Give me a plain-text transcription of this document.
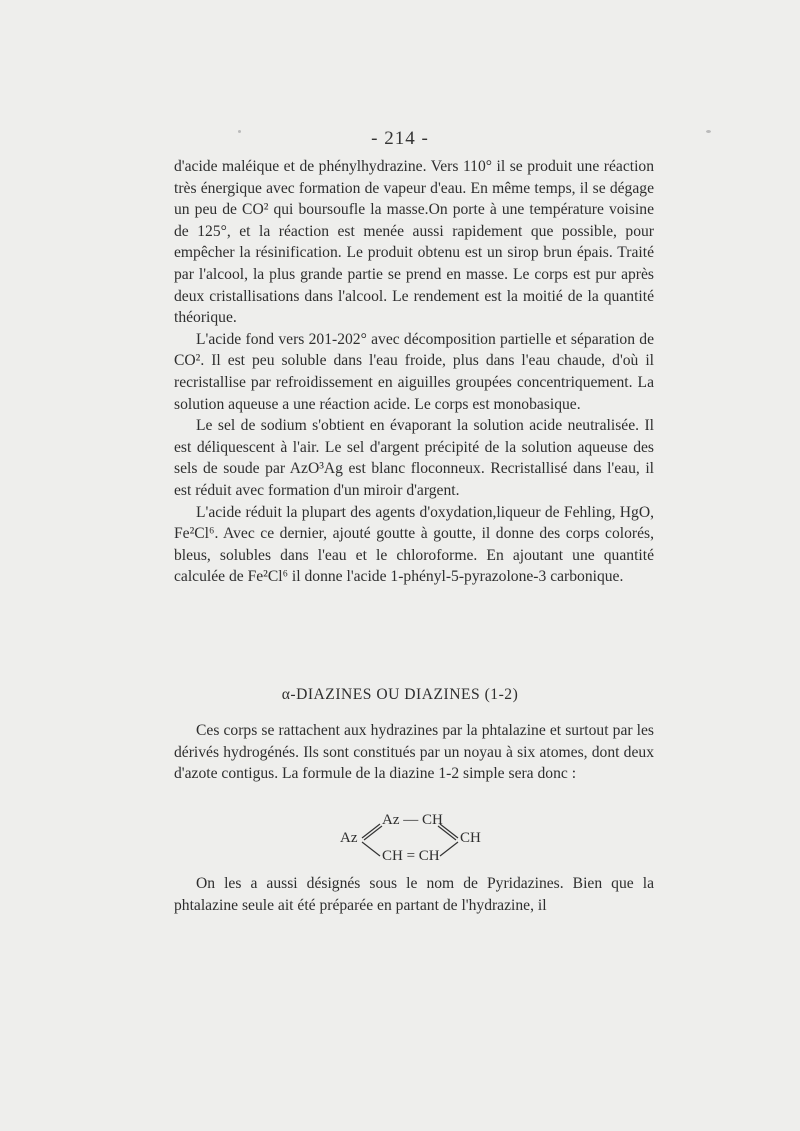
- 214 -

d'acide maléique et de phénylhydrazine. Vers 110° il se produit une réaction très énergique avec formation de vapeur d'eau. En même temps, il se dégage un peu de CO² qui boursoufle la masse.On porte à une température voisine de 125°, et la réaction est menée aussi rapidement que possible, pour empêcher la résinification. Le produit obtenu est un sirop brun épais. Traité par l'alcool, la plus grande partie se prend en masse. Le corps est pur après deux cristallisations dans l'alcool. Le rendement est la moitié de la quantité théorique.

L'acide fond vers 201-202° avec décomposition partielle et séparation de CO². Il est peu soluble dans l'eau froide, plus dans l'eau chaude, d'où il recristallise par refroidissement en aiguilles groupées concentriquement. La solution aqueuse a une réaction acide. Le corps est monobasique.

Le sel de sodium s'obtient en évaporant la solution acide neutralisée. Il est déliquescent à l'air. Le sel d'argent précipité de la solution aqueuse des sels de soude par AzO³Ag est blanc floconneux. Recristallisé dans l'eau, il est réduit avec formation d'un miroir d'argent.

L'acide réduit la plupart des agents d'oxydation,liqueur de Fehling, HgO, Fe²Cl⁶. Avec ce dernier, ajouté goutte à goutte, il donne des corps colorés, bleus, solubles dans l'eau et le chloroforme. En ajoutant une quantité calculée de Fe²Cl⁶ il donne l'acide 1-phényl-5-pyrazolone-3 carbonique.

α-DIAZINES OU DIAZINES (1-2)

Ces corps se rattachent aux hydrazines par la phtalazine et surtout par les dérivés hydrogénés. Ils sont constitués par un noyau à six atomes, dont deux d'azote contigus. La formule de la diazine 1-2 simple sera donc :

Az
Az — CH
CH
CH = CH

On les a aussi désignés sous le nom de Pyridazines. Bien que la phtalazine seule ait été préparée en partant de l'hydrazine, il
